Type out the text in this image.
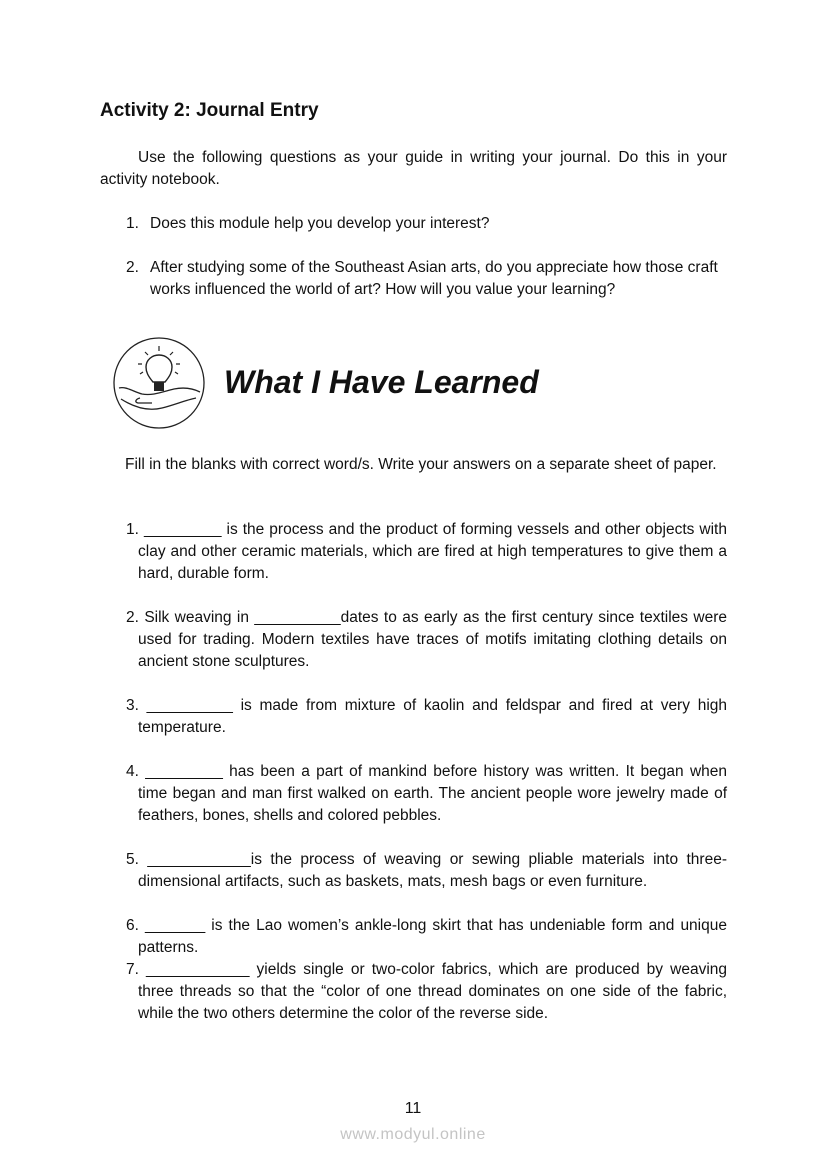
Activity 2: Journal Entry
Use the following questions as your guide in writing your journal. Do this in your activity notebook.
1. Does this module help you develop your interest?
2. After studying some of the Southeast Asian arts, do you appreciate how those craft works influenced the world of art? How will you value your learning?
What I Have Learned
Fill in the blanks with correct word/s. Write your answers on a separate sheet of paper.
1. _________ is the process and the product of forming vessels and other objects with clay and other ceramic materials, which are fired at high temperatures to give them a hard, durable form.
2. Silk weaving in __________dates to as early as the first century since textiles were used for trading. Modern textiles have traces of motifs imitating clothing details on ancient stone sculptures.
3. __________ is made from mixture of kaolin and feldspar and fired at very high temperature.
4. _________ has been a part of mankind before history was written. It began when time began and man first walked on earth. The ancient people wore jewelry made of feathers, bones, shells and colored pebbles.
5. ____________is the process of weaving or sewing pliable materials into three-dimensional artifacts, such as baskets, mats, mesh bags or even furniture.
6. _______ is the Lao women’s ankle-long skirt that has undeniable form and unique patterns.
7. ____________ yields single or two-color fabrics, which are produced by weaving three threads so that the “color of one thread dominates on one side of the fabric, while the two others determine the color of the reverse side.
11
www.modyul.online
